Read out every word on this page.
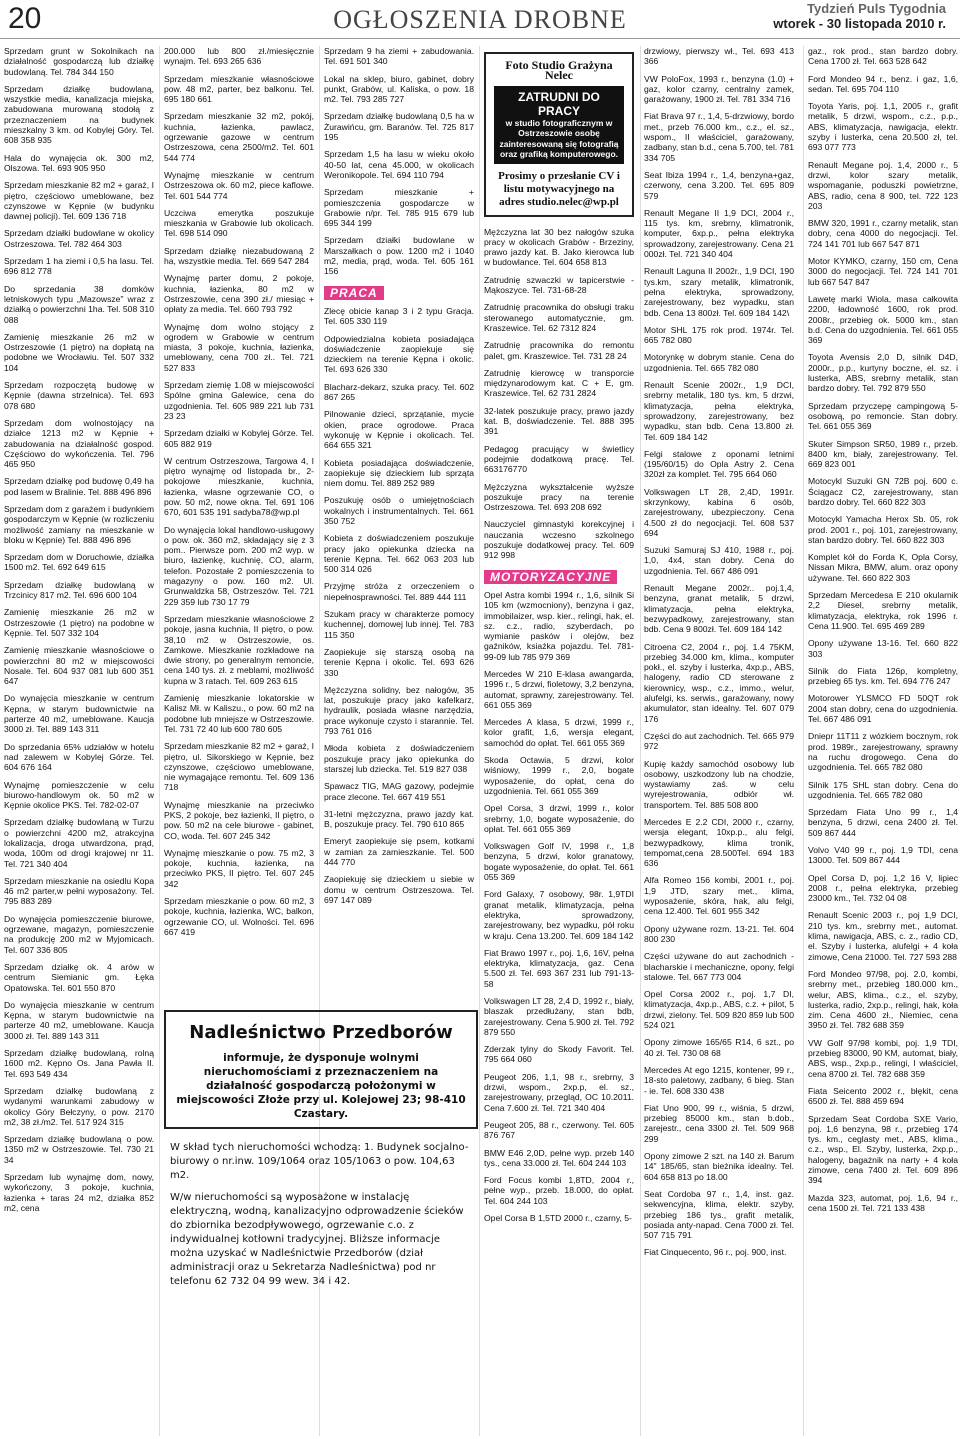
20	OGŁOSZENIA DROBNE	Tydzień Puls Tygodnia
wtorek - 30 listopada 2010 r.

Sprzedam grunt w Sokolnikach na działalność gospodarczą lub działkę budowlaną. Tel. 784 344 150

Sprzedam działkę budowlaną, wszystkie media, kanalizacja miejska, zabudowana murowaną stodołą z przeznaczeniem na budynek mieszkalny 3 km. od Kobylej Góry. Tel. 608 358 935

Hala do wynajęcia ok. 300 m2, Olszowa. Tel. 693 905 950

Sprzedam mieszkanie 82 m2 + garaż, I piętro, częściowo umeblowane, bez czynszowe w Kępnie (w budynku dawnej policji). Tel. 609 136 718

Sprzedam działki budowlane w okolicy Ostrzeszowa. Tel. 782 464 303

Sprzedam 1 ha ziemi i 0,5 ha lasu. Tel. 696 812 778

Do sprzedania 38 domków letniskowych typu „Mazowsze" wraz z działką o powierzchni 1ha. Tel. 508 310 088

Zamienię mieszkanie 26 m2 w Ostrzeszowie (1 piętro) na dopłatą na podobne we Wrocławiu. Tel. 507 332 104

Sprzedam rozpoczętą budowę w Kępnie (dawna strzelnica). Tel. 693 078 680

Sprzedam dom wolnostojący na działce 1213 m2 w Kępnie + zabudowania na działalność gospod. Częściowo do wykończenia. Tel. 796 465 950

Sprzedam działkę pod budowę 0,49 ha pod lasem w Bralinie. Tel. 888 496 896

Sprzedam dom z garażem i budynkiem gospodarczym w Kępnie (w rozliczeniu możliwość zamiany na mieszkanie w bloku w Kępnie) Tel. 888 496 896

Sprzedam dom w Doruchowie, działka 1500 m2. Tel. 692 649 615

Sprzedam działkę budowlaną w Trzcinicy 817 m2. Tel. 696 600 104

Zamienię mieszkanie 26 m2 w Ostrzeszowie (1 piętro) na podobne w Kępnie. Tel. 507 332 104

Zamienię mieszkanie własnościowe o powierzchni 80 m2 w miejscowości Nosale. Tel. 604 937 081 lub 600 351 647

Do wynajęcia mieszkanie w centrum Kępna, w starym budownictwie na parterze 40 m2, umeblowane. Kaucja 3000 zł. Tel. 889 143 311

Do sprzedania 65% udziałów w hotelu nad zalewem w Kobylej Górze. Tel. 604 676 164

Wynajmę pomieszczenie w celu biurowo-handlowym ok. 50 m2 w Kępnie okolice PKS. Tel. 782-02-07

Sprzedam działkę budowlaną w Turzu o powierzchni 4200 m2, atrakcyjna lokalizacja, droga utwardzona, prąd, woda, 100m od drogi krajowej nr 11. Tel. 721 340 404

Sprzedam mieszkanie na osiedlu Kopa 46 m2 parter,w pełni wyposażony. Tel. 795 883 289

Do wynajęcia pomieszczenie biurowe, ogrzewane, magazyn, pomieszczenie na produkcję 200 m2 w Myjomicach. Tel. 607 336 805

Sprzedam działkę ok. 4 arów w centrum Siemianic gm. Łęka Opatowska. Tel. 601 550 870

Do wynajęcia mieszkanie w centrum Kępna, w starym budownictwie na parterze 40 m2, umeblowane. Kaucja 3000 zł. Tel. 889 143 311

Sprzedam działkę budowlaną, rolną 1600 m2. Kępno Os. Jana Pawła II. Tel. 693 549 434

Sprzedam działkę budowlaną z wydanymi warunkami zabudowy w okolicy Góry Bełczyny, o pow. 2170 m2, 38 zł./m2. Tel. 517 924 315

Sprzedam działkę budowlaną o pow. 1350 m2 w Ostrzeszowie. Tel. 730 21 34

Sprzedam lub wynajmę dom, nowy, wykończony, 3 pokoje, kuchnia, łazienka + taras 24 m2, działka 852 m2, cena

200.000 lub 800 zł./miesięcznie wynajm. Tel. 693 265 636

Sprzedam mieszkanie własnościowe pow. 48 m2, parter, bez balkonu. Tel. 695 180 661

Sprzedam mieszkanie 32 m2, pokój, kuchnia, łazienka, pawlacz, ogrzewanie gazowe w centrum Ostrzeszowa, cena 2500/m2. Tel. 601 544 774

Wynajmę mieszkanie w centrum Ostrzeszowa ok. 60 m2, piece kaflowe. Tel. 601 544 774

Uczciwa emerytka poszukuje mieszkania w Grabowie lub okolicach. Tel. 698 514 090

Sprzedam działkę niezabudowaną 2 ha, wszystkie media. Tel. 669 547 284

Wynajmę parter domu, 2 pokoje, kuchnia, łazienka, 80 m2 w Ostrzeszowie, cena 390 zł./ miesiąc + opłaty za media. Tel. 660 793 792

Wynajmę dom wolno stojący z ogrodem w Grabowie w centrum miasta, 3 pokoje, kuchnia, łazienka, umeblowany, cena 700 zł.. Tel. 721 527 833

Sprzedam ziemię 1.08 w miejscowości Spólne gmina Galewice, cena do uzgodnienia. Tel. 605 989 221 lub 731 23 23

Sprzedam działki w Kobylej Górze. Tel. 605 882 919

W centrum Ostrzeszowa, Targowa 4, I piętro wynajmę od listopada br., 2-pokojowe mieszkanie, kuchnia, łazienka, własne ogrzewanie CO, o pow. 50 m2, nowe okna. Tel. 691 106 670, 601 535 191 sadyba78@wp.pl

Do wynajęcia lokal handlowo-usługowy o pow. ok. 360 m2, składający się z 3 pom.. Pierwsze pom. 200 m2 wyp. w biuro, łazienkę, kuchnię, CO, alarm, telefon. Pozostałe 2 pomieszczenia to magazyny o pow. 160 m2. Ul. Grunwaldzka 58, Ostrzeszów. Tel. 721 229 359 lub 730 17 79

Sprzedam mieszkanie własnościowe 2 pokoje, jasna kuchnia, II piętro, o pow. 38,10 m2 w Ostrzeszowie, os. Zamkowe. Mieszkanie rozkładowe na dwie strony, po generalnym remoncie, cena 140 tys. zł. z meblami, możliwość kupna w 3 ratach. Tel. 609 263 615

Zamienię mieszkanie lokatorskie w Kalisz Mł. w Kaliszu., o pow. 60 m2 na podobne lub mniejsze w Ostrzeszowie. Tel. 731 72 40 lub 600 780 605

Sprzedam mieszkanie 82 m2 + garaż, I piętro, ul. Sikorskiego w Kępnie, bez czynszowe, częściowo umeblowane, nie wymagające remontu. Tel. 609 136 718

Wynajmę mieszkanie na przeciwko PKS, 2 pokoje, bez łazienki, II piętro, o pow. 50 m2 na cele biurowe - gabinet, CO, woda. Tel. 607 245 342

Wynajmę mieszkanie o pow. 75 m2, 3 pokoje, kuchnia, łazienka, na przeciwko PKS, II piętro. Tel. 607 245 342

Sprzedam mieszkanie o pow. 60 m2, 3 pokoje, kuchnia, łazienka, WC, balkon, ogrzewanie CO, ul. Wolności. Tel. 696 667 419

Sprzedam 9 ha ziemi + zabudowania. Tel. 691 501 340

Lokal na sklep, biuro, gabinet, dobry punkt, Grabów, ul. Kaliska, o pow. 18 m2. Tel. 793 285 727

Sprzedam działkę budowlaną 0,5 ha w Żurawińcu, gm. Baranów. Tel. 725 817 195

Sprzedam 1,5 ha lasu w wieku około 40-50 lat, cena 45.000, w okolicach Weronikopole. Tel. 694 110 794

Sprzedam mieszkanie + pomieszczenia gospodarcze w Grabowie n/pr. Tel. 785 915 679 lub 695 344 199

Sprzedam działki budowlane w Marszałkach o pow. 1200 m2 i 1040 m2, media, prąd, woda. Tel. 605 161 156

PRACA

Zlecę obicie kanap 3 i 2 typu Gracja. Tel. 605 330 119

Odpowiedzialna kobieta posiadająca doświadczenie zaopiekuje się dzieckiem na terenie Kępna i okolic. Tel. 693 626 330

Blacharz-dekarz, szuka pracy. Tel. 602 867 265

Pilnowanie dzieci, sprzątanie, mycie okien, prace ogrodowe. Praca wykonuję w Kępnie i okolicach. Tel. 664 655 321

Kobieta posiadająca doświadczenie, zaopiekuje się dzieckiem lub sprząta niem domu. Tel. 889 252 989

Poszukuję osób o umiejętnościach wokalnych i instrumentalnych. Tel. 661 350 752

Kobieta z doświadczeniem poszukuje pracy jako opiekunka dziecka na terenie Kępna. Tel. 662 063 203 lub 500 314 026

Przyjmę stróża z orzeczeniem o niepełnosprawności. Tel. 889 444 111

Szukam pracy w charakterze pomocy kuchennej, domowej lub innej. Tel. 783 115 350

Zaopiekuje się starszą osobą na terenie Kępna i okolic. Tel. 693 626 330

Mężczyzna solidny, bez nałogów, 35 lat, poszukuje pracy jako kafelkarz, hydraulik, posiada własne narzędzia, prace wykonuje czysto i starannie. Tel. 793 761 016

Młoda kobieta z doświadczeniem poszukuje pracy jako opiekunka do starszej lub dziecka. Tel. 519 827 038

Spawacz TIG, MAG gazowy, podejmie prace zlecone. Tel. 667 419 551

31-letni mężczyzna, prawo jazdy kat. B, poszukuje pracy. Tel. 790 610 865

Emeryt zaopiekuje się psem, kotkami w zamian za zamieszkanie. Tel. 500 444 770

Zaopiekuję się dzieckiem u siebie w domu w centrum Ostrzeszowa. Tel. 697 147 089

Foto Studio Grażyna Nelec
ZATRUDNI DO PRACY
w studio fotograficznym w Ostrzeszowie osobę zainteresowaną się fotografią oraz grafiką komputerowego.
Prosimy o przesłanie CV i listu motywacyjnego na adres studio.nelec@wp.pl

Mężczyzna lat 30 bez nałogów szuka pracy w okolicach Grabów - Brzeziny, prawo jazdy kat. B. Jako kierowca lub w budowlance. Tel. 604 658 813

Zatrudnię szwaczki w tapicerstwie - Mąkoszyce. Tel. 731-68-28

Zatrudnię pracownika do obsługi traku sterowanego automatycznie, gm. Kraszewice. Tel. 62 7312 824

Zatrudnię pracownika do remontu palet, gm. Kraszewice. Tel. 731 28 24

Zatrudnię kierowcę w transporcie międzynarodowym kat. C + E, gm. Kraszewice. Tel. 62 731 2824

32-latek poszukuje pracy, prawo jazdy kat. B, doświadczenie. Tel. 888 395 391

Pedagog pracujący w świetlicy podejmie dodatkową pracę. Tel. 663176770

Mężczyzna wykształcenie wyższe poszukuje pracy na terenie Ostrzeszowa. Tel. 693 208 692

Nauczyciel gimnastyki korekcyjnej i nauczania wczesno szkolnego poszukuje dodatkowej pracy. Tel. 609 912 998

MOTORYZACYJNE

Opel Astra kombi 1994 r., 1,6, silnik Si 105 km (wzmocniony), benzyna i gaz, immobilaizer, wsp. kier., relingi, hak, el. sz. c.z., radio, szyberdach, po wymianie pasków i olejów, bez gaźników, ksiażka pojazdu. Tel. 781-99-09 lub 785 979 369

Mercedes W 210 E-klasa awangarda, 1996 r., 5 drzwi, fioletowy, 3,2 benzyna, automat, sprawny, zarejestrowany. Tel. 661 055 369

Mercedes A klasa, 5 drzwi, 1999 r., kolor grafit, 1,6, wersja elegant, samochód do opłat. Tel. 661 055 369

Skoda Octawia, 5 drzwi, kolor wiśniowy, 1999 r., 2,0, bogate wyposażenie, do opłat, cena do uzgodnienia. Tel. 661 055 369

Opel Corsa, 3 drzwi, 1999 r., kolor srebrny, 1,0, bogate wyposażenie, do opłat. Tel. 661 055 369

Volkswagen Golf IV, 1998 r., 1,8 benzyna, 5 drzwi, kolor granatowy, bogate wyposażenie, do opłat. Tel. 661 055 369

Ford Galaxy, 7 osobowy, 98r. 1,9TDI granat metalik, klimatyzacja, pełna elektryka, sprowadzony, zarejestrowany, bez wypadku, pół roku w kraju. Cena 13.200. Tel. 609 184 142

Fiat Brawo 1997 r., poj. 1,6, 16V, pełna elektryka, klimatyzacja, gaz. Cena 5.500 zł. Tel. 693 367 231 lub 791-13-58

Volkswagen LT 28, 2,4 D, 1992 r., biały, blaszak przedłużany, stan bdb, zarejestrowany. Cena 5.900 zł. Tel. 792 879 550

Zderzak tylny do Skody Favorit. Tel. 795 664 060

Peugeot 206, 1,1, 98 r., srebrny, 3 drzwi, wspom., 2xp.p, el. sz., zarejestrowany, przegląd, OC 10.2011. Cena 7.600 zł. Tel. 721 340 404

Peugeot 205, 88 r., czerwony. Tel. 605 876 767

BMW E46 2,0D, pełne wyp. przeb 140 tys., cena 33.000 zł. Tel. 604 244 103

Ford Focus kombi 1,8TD, 2004 r., pełne wyp., przeb. 18.000, do opłat. Tel. 604 244 103

Opel Corsa B 1,5TD 2000 r., czarny, 5-

drzwiowy, pierwszy wł., Tel. 693 413 366

VW PoloFox, 1993 r., benzyna (1.0) + gaz, kolor czarny, centralny zamek, garażowany, 1900 zł. Tel. 781 334 716

Fiat Brava 97 r., 1,4, 5-drzwiowy, bordo met., przeb 76.000 km., c.z., el. sz., wspom., II właściciel, garażowany, zadbany, stan b.d., cena 5.700, tel. 781 334 705

Seat Ibiza 1994 r., 1,4, benzyna+gaz, czerwony, cena 3.200. Tel. 695 809 579

Renault Megane II 1,9 DCI, 2004 r., 115 tys. km, srebrny, klimatronik, komputer, 6xp.p., pełna elektryka sprowadzony, zarejestrowany. Cena 21 000zł. Tel. 721 340 404

Renault Laguna II 2002r., 1,9 DCI, 190 tys.km, szary metalik, klimatronik, pełna elektryka, sprowadzony, zarejestrowany, bez wypadku, stan bdb. Cena 13 800zł. Tel. 609 184 142\

Motor SHL 175 rok prod. 1974r. Tel. 665 782 080

Motorynkę w dobrym stanie. Cena do uzgodnienia. Tel. 665 782 080

Renault Scenie 2002r., 1,9 DCI, srebrny metalik, 180 tys. km, 5 drzwi, klimatyzacja, pełna elektryka, sprowadzony, zarejestrowany, bez wypadku, stan bdb. Cena 13.800 zł. Tel. 609 184 142

Felgi stalowe z oponami letnimi (195/60/15) do Opla Astry 2. Cena 320zł za komplet. Tel. 795 664 060

Volkswagen LT 28, 2,4D, 1991r. skrzynkowy, kabina 6 osób, zarejestrowany, ubezpieczony. Cena 4.500 zł do negocjacji. Tel. 608 537 694

Suzuki Samuraj SJ 410, 1988 r., poj. 1,0, 4x4, stan dobry. Cena do uzgodnienia. Tel. 667 486 091

Renault Megane 2002r.. poj.1,4, benzyna, granat metalik, 5 drzwi, klimatyzacja, pełna elektryka, bezwypadkowy, zarejestrowany, stan bdb. Cena 9 800zł. Tel. 609 184 142

Citroena C2, 2004 r., poj. 1.4 75KM, przebieg 34.000 km, klima., komputer pokł., el. szyby i lusterka, 4xp.p., ABS, halogeny, radio CD sterowane z kierownicy, wsp., c.z., immo., welur, alufelgi, ks. serwis., garażowany, nowy akumulator, stan idealny. Tel. 607 079 176

Części do aut zachodnich. Tel. 665 979 972

Kupię każdy samochód osobowy lub osobowy, uszkodzony lub na chodzie, wystawiamy zaś. w celu wyrejestrowania, odbiór wł. transportem. Tel. 885 508 800

Mercedes E 2.2 CDI, 2000 r., czarny, wersja elegant, 10xp.p., alu felgi, bezwypadkowy, klima tronik, tempomat,cena 28.500Tel. 694 183 636

Alfa Romeo 156 kombi, 2001 r., poj. 1,9 JTD, szary met., klima, wyposażenie, skóra, hak, alu felgi, cena 12.400. Tel. 601 955 342

Opony używane rozm. 13-21. Tel. 604 800 230

Części używane do aut zachodnich - blacharskie i mechaniczne, opony, felgi stalowe. Tel. 667 773 004

Opel Corsa 2002 r., poj. 1,7 DI, klimatyzacja, 4xp.p., ABS, c.z. + pilot, 5 drzwi, zielony. Tel. 509 820 859 lub 500 524 021

Opony zimowe 165/65 R14, 6 szt., po 40 zł. Tel. 730 08 68

Mercedes At ego 1215, kontener, 99 r., 18-sto paletowy, zadbany, 6 bieg. Stan - ie. Tel. 608 330 438

Fiat Uno 900, 99 r., wiśnia, 5 drzwi, przebieg 85000 km., stan b.dob., zarejestr., cena 3300 zł. Tel. 509 968 299

Opony zimowe 2 szt. na 140 zł. Barum 14" 185/65, stan bieżnika idealny. Tel. 604 658 813 po 18.00

Seat Cordoba 97 r., 1,4, inst. gaz. sekwencyjna, klima, elektr. szyby, przebieg 186 tys., grafit metalik, posiada anty-napad. Cena 7000 zł. Tel. 507 715 791

Fiat Cinquecento, 96 r., poj. 900, inst.

gaz., rok prod., stan bardzo dobry. Cena 1700 zł. Tel. 663 528 642

Ford Mondeo 94 r., benz. i gaz, 1,6, sedan. Tel. 695 704 110

Toyota Yaris, poj. 1,1, 2005 r., grafit metalik, 5 drzwi, wspom., c.z., p.p., ABS, klimatyzacja, nawigacja, elektr. szyby i lusterka, cena 20.500 zł, tel. 693 077 773

Renault Megane poj. 1,4, 2000 r., 5 drzwi, kolor szary metalik, wspomaganie, poduszki powietrzne, ABS, radio, cena 8 900, tel. 722 123 203

BMW 320, 1991 r., czarny metalik, stan dobry, cena 4000 do negocjacji. Tel. 724 141 701 lub 667 547 871

Motor KYMKO, czarny, 150 cm, Cena 3000 do negocjacji. Tel. 724 141 701 lub 667 547 847

Lawetę marki Wiola, masa całkowita 2200, ładowność 1600, rok prod. 2008r., przebieg ok. 5000 km., stan b.d. Cena do uzgodnienia. Tel. 661 055 369

Toyota Avensis 2,0 D, silnik D4D, 2000r., p.p., kurtyny boczne, el. sz. i lusterka, ABS, srebrny metalik, stan bardzo dobry. Tel. 792 879 550

Sprzedam przyczepę campingową 5-osobową, po remoncie. Stan dobry. Tel. 661 055 369

Skuter Simpson SR50, 1989 r., przeb. 8400 km, biały, zarejestrowany. Tel. 669 823 001

Motocykl Suzuki GN 72B poj. 600 c. Ściągacz C2, zarejestrowany, stan bardzo dobry. Tel. 660 822 303

Motocykl Yamacha Herox Sb. 05, rok prod. 2001 r., poj. 101, zarejestrowany, stan bardzo dobry. Tel. 660 822 303

Komplet kół do Forda K, Opla Corsy, Nissan Mikra, BMW, alum. oraz opony używane. Tel. 660 822 303

Sprzedam Mercedesa E 210 okularnik 2,2 Diesel, srebrny metalik, klimatyzacja, elektryka, rok 1996 r. Cena 11.900. Tel. 695 469 289

Opony używane 13-16. Tel. 660 822 303

Silnik do Fiata 126p, kompletny, przebieg 65 tys. km. Tel. 694 776 247

Motorower YLSMCO FD 50QT rok 2004 stan dobry, cena do uzgodnienia. Tel. 667 486 091

Dniepr 11T11 z wózkiem bocznym, rok prod. 1989r., zarejestrowany, sprawny na ruchu drogowego. Cena do uzgodnienia. Tel. 665 782 080

Silnik 175 SHL stan dobry. Cena do uzgodnienia. Tel. 665 782 080

Sprzedam Fiata Uno 99 r., 1,4 benzyna, 5 drzwi, cena 2400 zł. Tel. 509 867 444

Volvo V40 99 r., poj. 1,9 TDI, cena 13000. Tel. 509 867 444

Opel Corsa D, poj. 1,2 16 V, lipiec 2008 r., pełna elektryka, przebieg 23000 km., Tel. 732 04 08

Renault Scenic 2003 r., poj 1,9 DCI, 210 tys. km., srebrny met., automat. klima, nawigacja, ABS, c. z., radio CD, el. Szyby i lusterka, alufelgi + 4 koła zimowe, Cena 21000. Tel. 727 593 288

Ford Mondeo 97/98, poj. 2.0, kombi, srebrny met., przebieg 180.000 km., welur, ABS, klima., c.z., el. szyby, lusterka, radio, 2xp.p., relingi, hak, koła zim. Cena 4600 zł., Niemiec, cena 3950 zł. Tel. 782 688 359

VW Golf 97/98 kombi, poj. 1,9 TDI, przebieg 83000, 90 KM, automat, biały, ABS, wsp., 2xp.p., relingi, I właściciel, cena 8700 zł. Tel. 782 688 359

Fiata Seicento 2002 r., błękit, cena 6500 zł. Tel. 888 459 694

Sprzedam Seat Cordoba SXE Vario, poj. 1,6 benzyna, 98 r., przebieg 174 tys. km., ceglasty met., ABS, klima., c.z., wsp., El. Szyby, lusterka, 2xp.p., halogeny, bagażnik na narty + 4 koła zimowe, cena 7400 zł. Tel. 609 896 394

Mazda 323, automat, poj. 1,6, 94 r., cena 1500 zł. Tel. 721 133 438

Nadleśnictwo Przedborów
informuje, że dysponuje wolnymi nieruchomościami z przeznaczeniem na działalność gospodarczą położonymi w miejscowości Złoże przy ul. Kolejowej 23; 98-410 Czastary.

W skład tych nieruchomości wchodzą: 1. Budynek socjalno-biurowy o nr.inw. 109/1064 oraz 105/1063 o pow. 104,63 m2.

W/w nieruchomości są wyposażone w instalację elektryczną, wodną, kanalizacyjno odprowadzenie ścieków do zbiornika bezodpływowego, ogrzewanie c.o. z indywidualnej kotłowni tradycyjnej. Bliższe informacje można uzyskać w Nadleśnictwie Przedborów (dział administracji oraz u Sekretarza Nadleśnictwa) pod nr telefonu 62 732 04 99 wew. 34 i 42.
